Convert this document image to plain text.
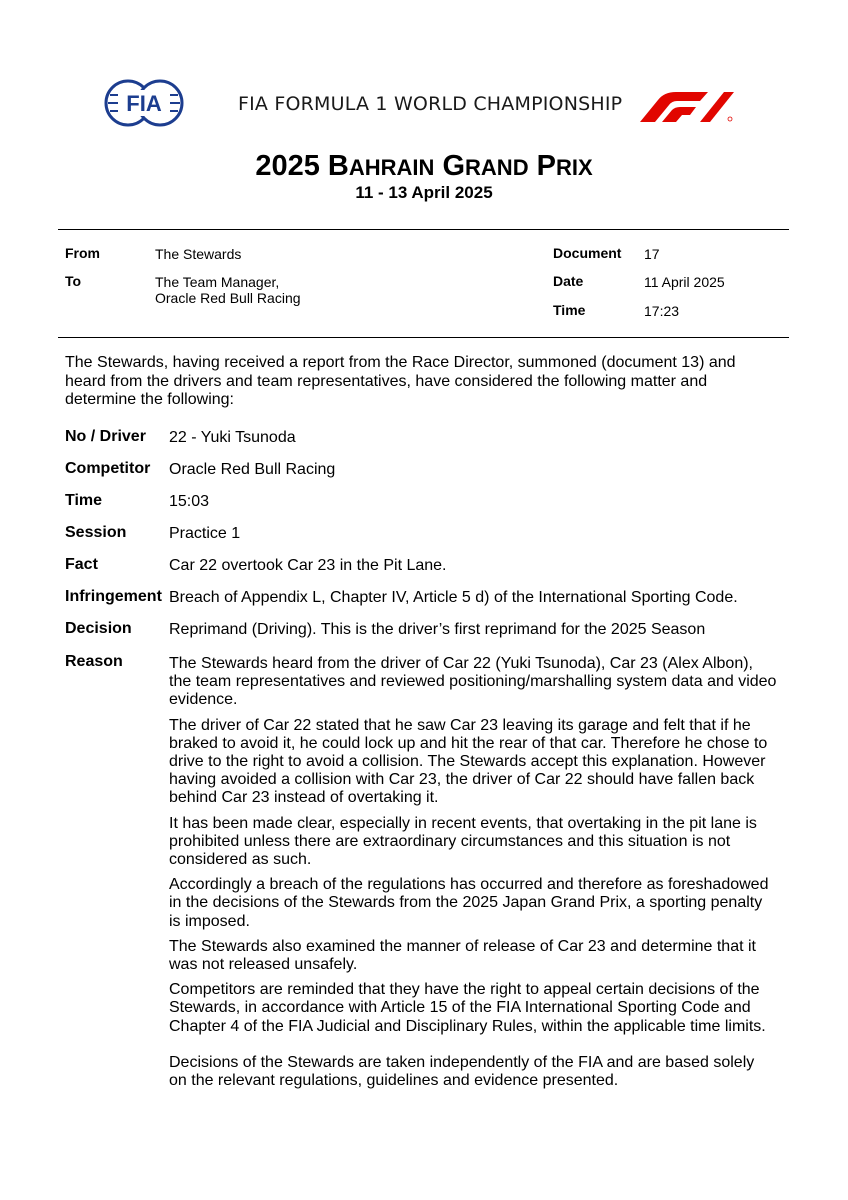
FIA	FIA FORMULA 1 WORLD CHAMPIONSHIP
2025 BAHRAIN GRAND PRIX
11 - 13 April 2025
From	The Stewards
To	The Team Manager,
Oracle Red Bull Racing
Document 17
Date	11 April 2025
Time	17:23
The Stewards, having received a report from the Race Director, summoned (document 13) and
heard from the drivers and team representatives, have considered the following matter and
determine the following:
No / Driver 22 - Yuki Tsunoda
Competitor Oracle Red Bull Racing
Time	15:03
Session	Practice 1
Fact	Car 22 overtook Car 23 in the Pit Lane.
Infringement Breach of Appendix L, Chapter IV, Article 5 d) of the International Sporting Code.
Decision Reprimand (Driving). This is the driver’s first reprimand for the 2025 Season
Reason	The Stewards heard from the driver of Car 22 (Yuki Tsunoda), Car 23 (Alex Albon),
the team representatives and reviewed positioning/marshalling system data and video
evidence.

The driver of Car 22 stated that he saw Car 23 leaving its garage and felt that if he
braked to avoid it, he could lock up and hit the rear of that car. Therefore he chose to
drive to the right to avoid a collision. The Stewards accept this explanation. However
having avoided a collision with Car 23, the driver of Car 22 should have fallen back
behind Car 23 instead of overtaking it.

It has been made clear, especially in recent events, that overtaking in the pit lane is
prohibited unless there are extraordinary circumstances and this situation is not
considered as such.

Accordingly a breach of the regulations has occurred and therefore as foreshadowed
in the decisions of the Stewards from the 2025 Japan Grand Prix, a sporting penalty
is imposed.

The Stewards also examined the manner of release of Car 23 and determine that it
was not released unsafely.

Competitors are reminded that they have the right to appeal certain decisions of the
Stewards, in accordance with Article 15 of the FIA International Sporting Code and
Chapter 4 of the FIA Judicial and Disciplinary Rules, within the applicable time limits.

Decisions of the Stewards are taken independently of the FIA and are based solely
on the relevant regulations, guidelines and evidence presented.
